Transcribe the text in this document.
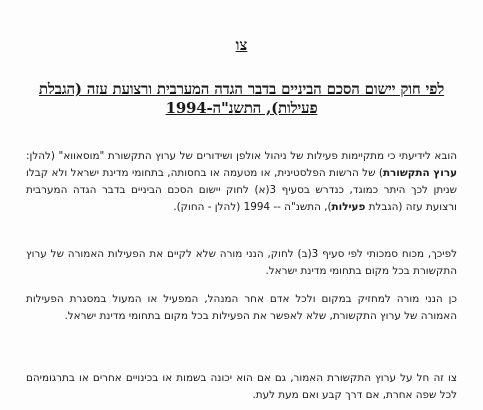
צו
לפי חוק יישום הסכם הביניים בדבר הגדה המערבית ורצועת עזה (הגבלת פעילות), התשנ"ה-1994
הובא לידיעתי כי מתקיימות פעילות של ניהול אולפן ושידורים של ערוץ התקשורת "מוסאווא" (להלן: ערוץ התקשורת) של הרשות הפלסטינית, או מטעמה או בחסותה, בתחומי מדינת ישראל ולא קבלו שניתן לכך היתר כמוגד, כנדרש בסעיף 3(א) לחוק יישום הסכם הביניים בדבר הגדה המערבית ורצועת עזה (הגבלת פעילות), התשנ"ה -- 1994 (להלן - החוק).
לפיכך, מכוח סמכותי לפי סעיף 3(ב) לחוק, הנני מורה שלא לקיים את הפעילות האמורה של ערוץ התקשורת בכל מקום בתחומי מדינת ישראל.
כן הנני מורה למחזיק במקום ולכל אדם אחר המנהל, המפעיל או המעול במסגרת הפעילות האמורה של ערוץ התקשורת, שלא לאפשר את הפעילות בכל מקום בתחומי מדינת ישראל.
צו זה חל על ערוץ התקשורת האמור, גם אם הוא יכונה בשמות או בכינויים אחרים או בתרגומיהם לכל שפה אחרת, אם דרך קבע ואם מעת לעת.
